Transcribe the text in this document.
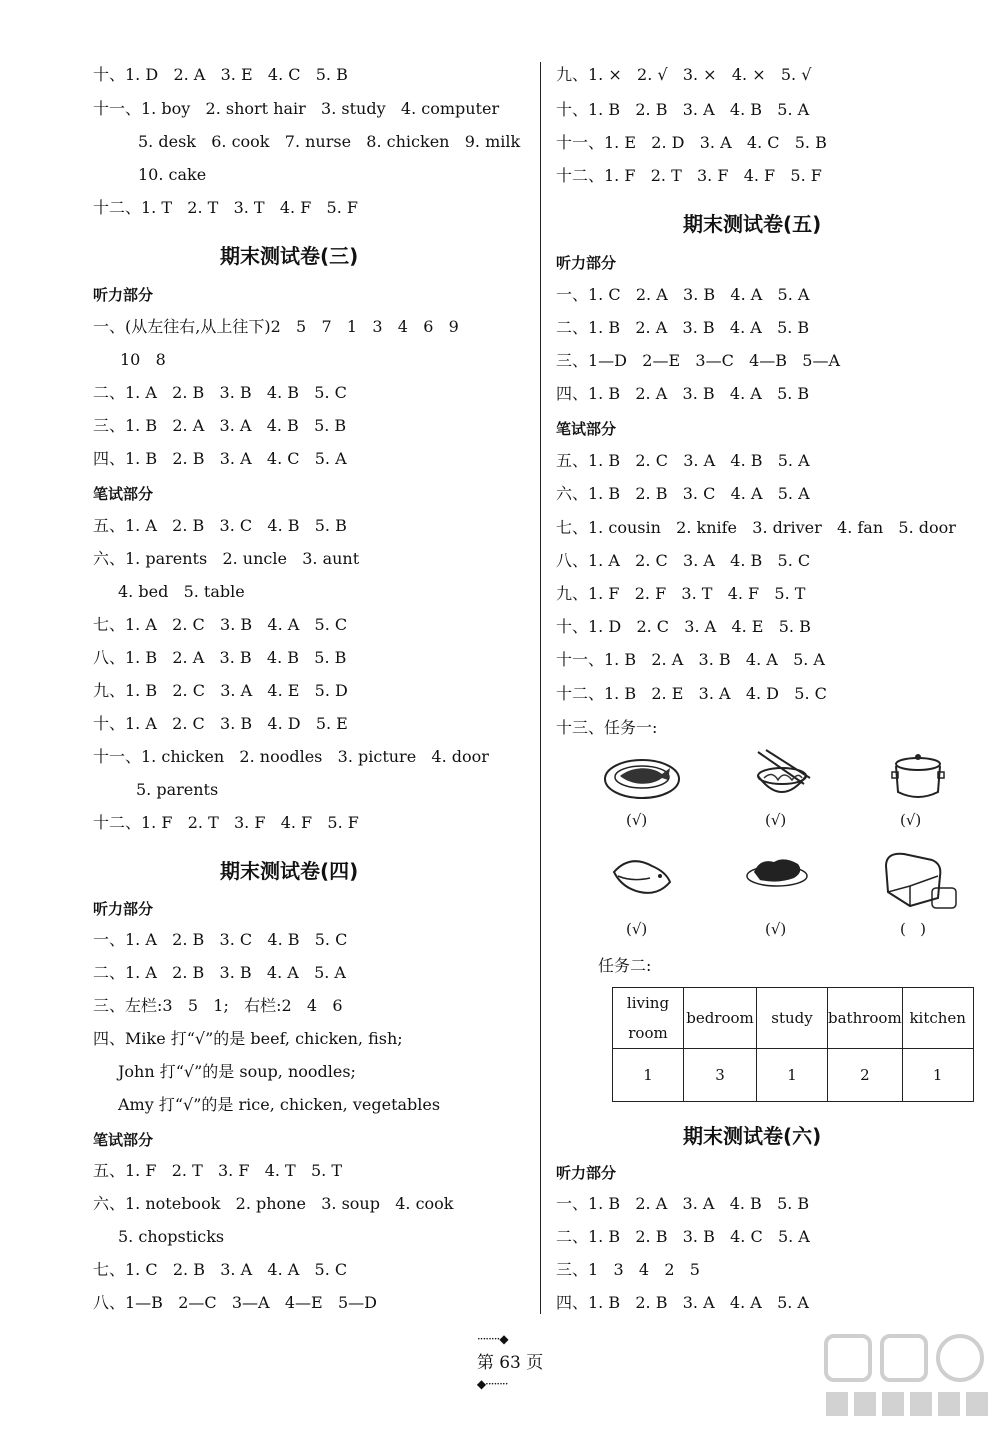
十、1. D   2. A   3. E   4. C   5. B
十一、1. boy   2. short hair   3. study   4. computer
5. desk   6. cook   7. nurse   8. chicken   9. milk
10. cake
十二、1. T   2. T   3. T   4. F   5. F
期末测试卷(三)
听力部分
一、(从左往右,从上往下)2   5   7   1   3   4   6   9
10   8
二、1. A   2. B   3. B   4. B   5. C
三、1. B   2. A   3. A   4. B   5. B
四、1. B   2. B   3. A   4. C   5. A
笔试部分
五、1. A   2. B   3. C   4. B   5. B
六、1. parents   2. uncle   3. aunt
4. bed   5. table
七、1. A   2. C   3. B   4. A   5. C
八、1. B   2. A   3. B   4. B   5. B
九、1. B   2. C   3. A   4. E   5. D
十、1. A   2. C   3. B   4. D   5. E
十一、1. chicken   2. noodles   3. picture   4. door
5. parents
十二、1. F   2. T   3. F   4. F   5. F
期末测试卷(四)
听力部分
一、1. A   2. B   3. C   4. B   5. C
二、1. A   2. B   3. B   4. A   5. A
三、左栏:3   5   1;   右栏:2   4   6
四、Mike 打“√”的是 beef, chicken, fish;
John 打“√”的是 soup, noodles;
Amy 打“√”的是 rice, chicken, vegetables
笔试部分
五、1. F   2. T   3. F   4. T   5. T
六、1. notebook   2. phone   3. soup   4. cook
5. chopsticks
七、1. C   2. B   3. A   4. A   5. C
八、1—B   2—C   3—A   4—E   5—D
九、1. ×   2. √   3. ×   4. ×   5. √
十、1. B   2. B   3. A   4. B   5. A
十一、1. E   2. D   3. A   4. C   5. B
十二、1. F   2. T   3. F   4. F   5. F
期末测试卷(五)
听力部分
一、1. C   2. A   3. B   4. A   5. A
二、1. B   2. A   3. B   4. A   5. B
三、1—D   2—E   3—C   4—B   5—A
四、1. B   2. A   3. B   4. A   5. B
笔试部分
五、1. B   2. C   3. A   4. B   5. A
六、1. B   2. B   3. C   4. A   5. A
七、1. cousin   2. knife   3. driver   4. fan   5. door
八、1. A   2. C   3. A   4. B   5. C
九、1. F   2. F   3. T   4. F   5. T
十、1. D   2. C   3. A   4. E   5. B
十一、1. B   2. A   3. B   4. A   5. A
十二、1. B   2. E   3. A   4. D   5. C
十三、任务一:
(√)	(√)	(√)
(√)	(√)	(   )
任务二:
living room	bedroom	study	bathroom	kitchen
1	3	1	2	1
期末测试卷(六)
听力部分
一、1. B   2. A   3. A   4. B   5. B
二、1. B   2. B   3. B   4. C   5. A
三、1   3   4   2   5
四、1. B   2. B   3. A   4. A   5. A

········◆
第 63 页
◆········
